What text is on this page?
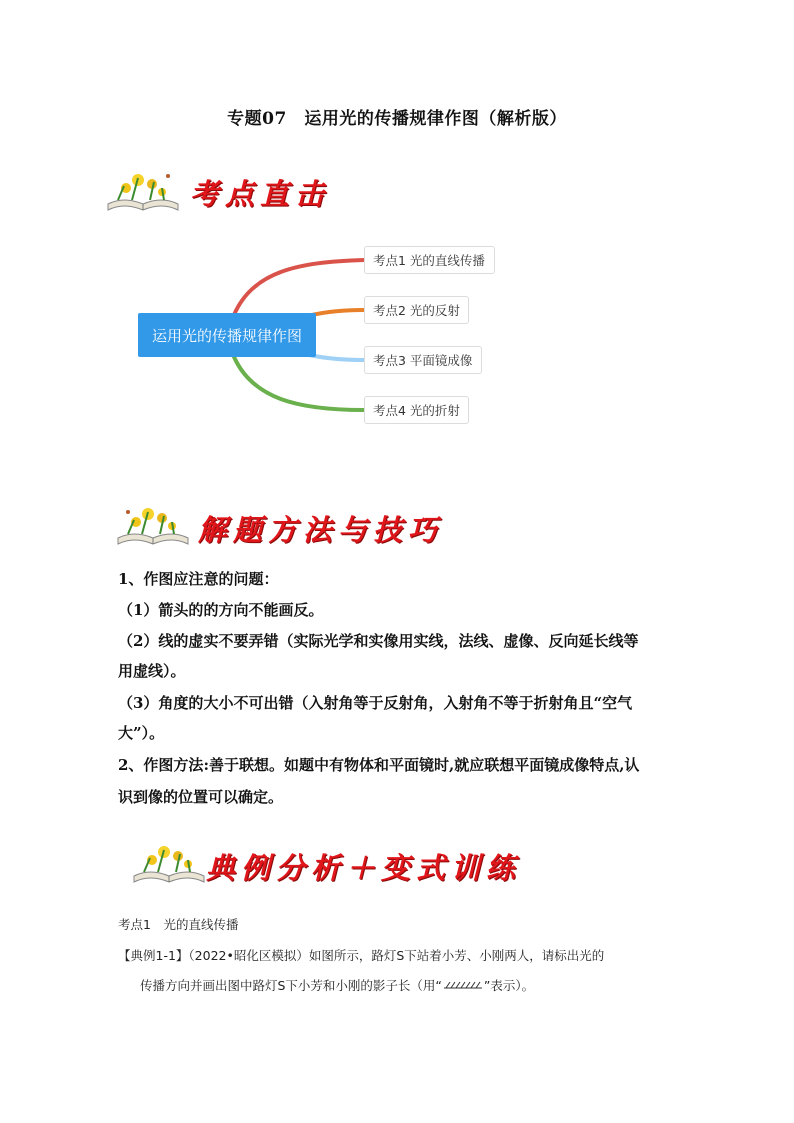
专题07　运用光的传播规律作图（解析版）
考点直击
运用光的传播规律作图
考点1 光的直线传播
考点2 光的反射
考点3 平面镜成像
考点4 光的折射
解题方法与技巧
1、作图应注意的问题：
（1）箭头的的方向不能画反。
（2）线的虚实不要弄错（实际光学和实像用实线，法线、虚像、反向延长线等
用虚线）。
（3）角度的大小不可出错（入射角等于反射角，入射角不等于折射角且“空气
大”）。
2、作图方法:善于联想。如题中有物体和平面镜时,就应联想平面镜成像特点,认
识到像的位置可以确定。
典例分析＋变式训练
考点1　光的直线传播
【典例1-1】（2022•昭化区模拟）如图所示，路灯S下站着小芳、小刚两人，请标出光的
传播方向并画出图中路灯S下小芳和小刚的影子长（用“	”表示）。
